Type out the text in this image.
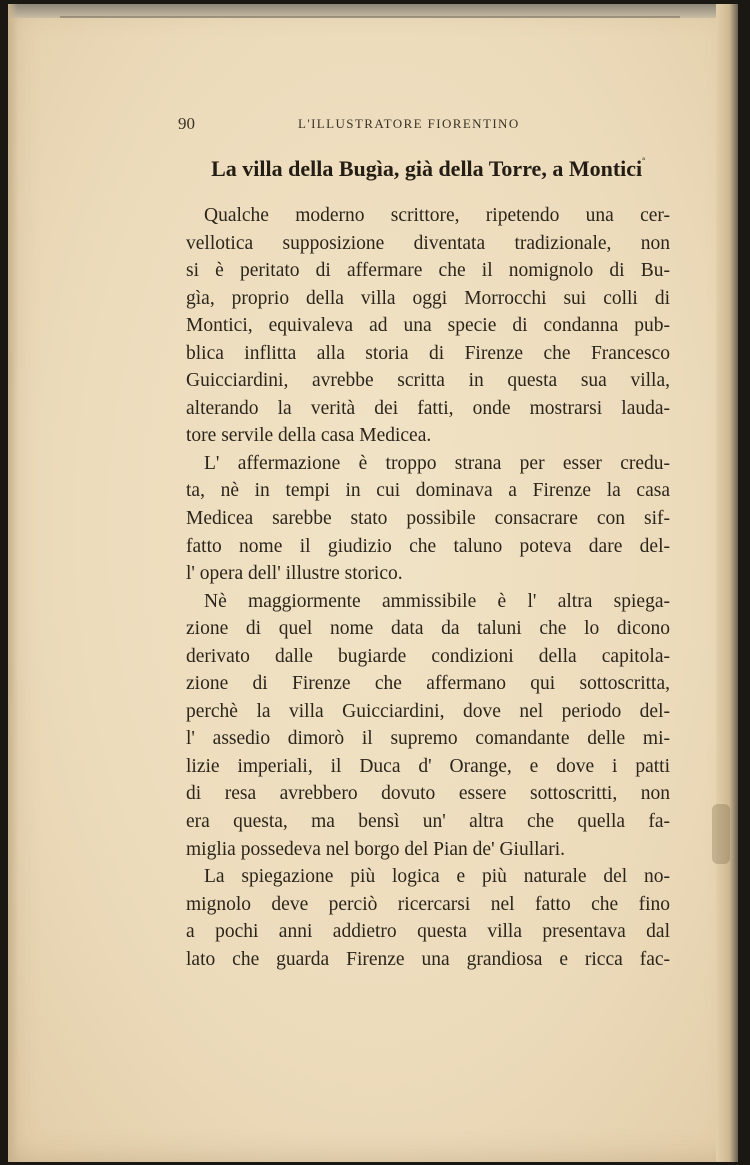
90	L'ILLUSTRATORE FIORENTINO
La villa della Bugìa, già della Torre, a Montici$^ª$
Qualche moderno scrittore, ripetendo una cer-
vellotica supposizione diventata tradizionale, non
si è peritato di affermare che il nomignolo di Bu-
gìa, proprio della villa oggi Morrocchi sui colli di
Montici, equivaleva ad una specie di condanna pub-
blica inflitta alla storia di Firenze che Francesco
Guicciardini, avrebbe scritta in questa sua villa,
alterando la verità dei fatti, onde mostrarsi lauda-
tore servile della casa Medicea.
L' affermazione è troppo strana per esser credu-
ta, nè in tempi in cui dominava a Firenze la casa
Medicea sarebbe stato possibile consacrare con sif-
fatto nome il giudizio che taluno poteva dare del-
l' opera dell' illustre storico.
Nè maggiormente ammissibile è l' altra spiega-
zione di quel nome data da taluni che lo dicono
derivato dalle bugiarde condizioni della capitola-
zione di Firenze che affermano qui sottoscritta,
perchè la villa Guicciardini, dove nel periodo del-
l' assedio dimorò il supremo comandante delle mi-
lizie imperiali, il Duca d' Orange, e dove i patti
di resa avrebbero dovuto essere sottoscritti, non
era questa, ma bensì un' altra che quella fa-
miglia possedeva nel borgo del Pian de' Giullari.
La spiegazione più logica e più naturale del no-
mignolo deve perciò ricercarsi nel fatto che fino
a pochi anni addietro questa villa presentava dal
lato che guarda Firenze una grandiosa e ricca fac-
